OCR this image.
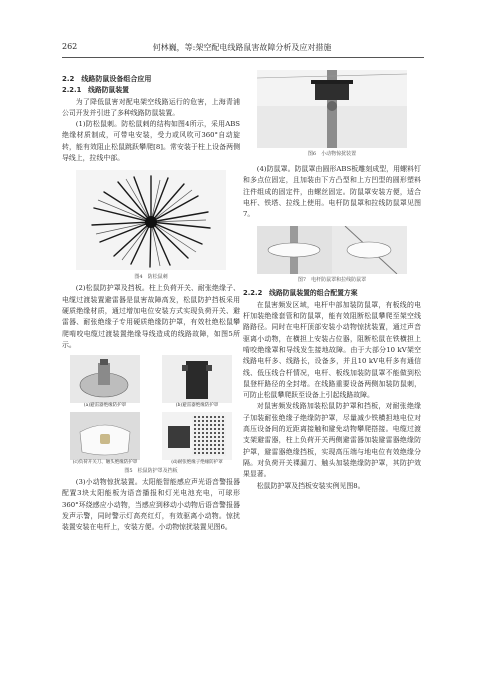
262	何林巍，等:架空配电线路鼠害故障分析及应对措施
2.2　线路防鼠设备组合应用
2.2.1　线路防鼠装置

为了降低鼠害对配电架空线路运行的危害，上海青浦公司开发并引进了多种线路防鼠装置。

(1)防松鼠刺。防松鼠刺的结构如图4所示，采用ABS绝缘材质制成，可带电安装，受力或风吹可360°自动旋转，能有效阻止松鼠跳跃攀爬[8]。常安装于柱上设备两侧导线上，拉线中部。

图4　防松鼠刺

(2)松鼠防护罩及挡板。柱上负荷开关、耐张绝缘子、电缆过渡装置避雷器是鼠害故障高发，松鼠防护挡板采用硬质绝缘材质，通过增加电位安装方式实现负荷开关、避雷器、耐张绝缘子专用硬质绝缘防护罩，有效杜绝松鼠攀爬啃咬电缆过渡装置绝缘导线造成的线路故障，如图5所示。

(a)避雷器绝缘防护罩	(b)避雷器绝缘防护罩
(c)负荷开关刀、触头绝缘防护罩	(d)耐张绝缘子绝缘防护罩
图5　松鼠防护罩及挡板

(3)小动物惊扰装置。太阳能智能感应声光语音警报器配置3块太阳能板为语音播报和灯光电池充电，可球形360°环绕感应小动物，当感应到移动小动物后语音警报器发声示警，同时警示灯高亮红灯，有效驱离小动物。惊扰装置安装在电杆上，安装方便。小动物惊扰装置见图6。

图6　小动物惊扰装置

(4)防鼠罩。防鼠罩由圆形ABS板雕刻成型，用螺料钉和多点位固定，且加装由下方凸型和上方凹型的圆形塑料注件组成的固定件，由螺丝固定。防鼠罩安装方便，适合电杆、铁塔、拉线上使用。电杆防鼠罩和拉线防鼠罩见图7。

图7　电杆防鼠罩和拉线防鼠罩
2.2.2　线路防鼠装置的组合配置方案

在鼠害频发区域，电杆中部加装防鼠罩，有板线的电杆加装绝缘套管和防鼠罩，能有效阻断松鼠攀爬至架空线路路径。同时在电杆顶部安装小动物惊扰装置，通过声音驱离小动物，在横担上安装占位器，阻断松鼠在铁横担上啃咬绝缘罩和导线发生接地故障。由于大部分10 kV架空线路电杆多、线路长，设备多，并且10 kV电杆多有通信线、低压线合杆情况，电杆、板线加装防鼠罩不能做到松鼠登杆路径的全封堵。在线路重要设备两侧加装防鼠刺，可防止松鼠攀爬跃至设备上引起线路故障。

对鼠害频发线路加装松鼠防护罩和挡板，对耐张绝缘子加装耐张绝缘子绝缘防护罩，尽量减少铁横担地电位对高压设备间的近距离接触和避免动物攀爬搭接。电缆过渡支架避雷器，柱上负荷开关两侧避雷器加装避雷器绝缘防护罩，避雷器绝缘挡板，实现高压端与地电位有效绝缘分隔。对负荷开关裸漏刀、触头加装绝缘防护罩，其防护效果显著。

松鼠防护罩及挡板安装实例见图8。
